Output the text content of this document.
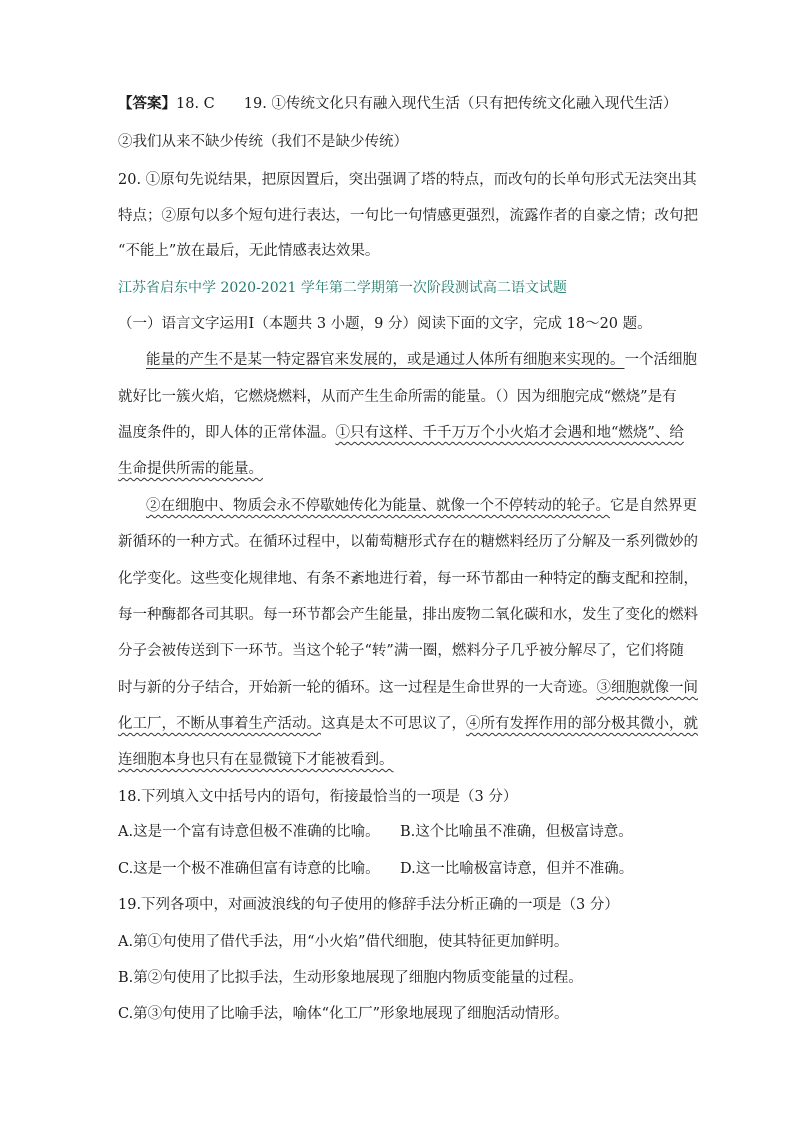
【答案】18. C　　19. ①传统文化只有融入现代生活（只有把传统文化融入现代生活）
②我们从来不缺少传统（我们不是缺少传统）
20. ①原句先说结果，把原因置后，突出强调了塔的特点，而改句的长单句形式无法突出其
特点；②原句以多个短句进行表达，一句比一句情感更强烈，流露作者的自豪之情；改句把
“不能上”放在最后，无此情感表达效果。
江苏省启东中学 2020-2021 学年第二学期第一次阶段测试高二语文试题
（一）语言文字运用Ⅰ（本题共 3 小题，9 分）阅读下面的文字，完成 18～20 题。
能量的产生不是某一特定器官来发展的，或是通过人体所有细胞来实现的。一个活细胞
就好比一簇火焰，它燃烧燃料，从而产生生命所需的能量。（）因为细胞完成“燃烧”是有
温度条件的，即人体的正常体温。①只有这样、千千万万个小火焰才会遇和地“燃烧”、给
生命提供所需的能量。
②在细胞中、物质会永不停歇她传化为能量、就像一个不停转动的轮子。它是自然界更
新循环的一种方式。在循环过程中，以葡萄糖形式存在的糖燃料经历了分解及一系列微妙的
化学变化。这些变化规律地、有条不紊地进行着，每一环节都由一种特定的酶支配和控制，
每一种酶都各司其职。每一环节都会产生能量，排出废物二氧化碳和水，发生了变化的燃料
分子会被传送到下一环节。当这个轮子“转”满一圈，燃料分子几乎被分解尽了，它们将随
时与新的分子结合，开始新一轮的循环。这一过程是生命世界的一大奇迹。③细胞就像一间
化工厂，不断从事着生产活动。这真是太不可思议了，④所有发挥作用的部分极其微小，就
连细胞本身也只有在显微镜下才能被看到。
18.下列填入文中括号内的语句，衔接最恰当的一项是（3 分）
A.这是一个富有诗意但极不准确的比喻。 B.这个比喻虽不准确，但极富诗意。
C.这是一个极不准确但富有诗意的比喻。 D.这一比喻极富诗意，但并不准确。
19.下列各项中，对画波浪线的句子使用的修辞手法分析正确的一项是（3 分）
A.第①句使用了借代手法，用“小火焰”借代细胞，使其特征更加鲜明。
B.第②句使用了比拟手法，生动形象地展现了细胞内物质变能量的过程。
C.第③句使用了比喻手法，喻体“化工厂”形象地展现了细胞活动情形。
